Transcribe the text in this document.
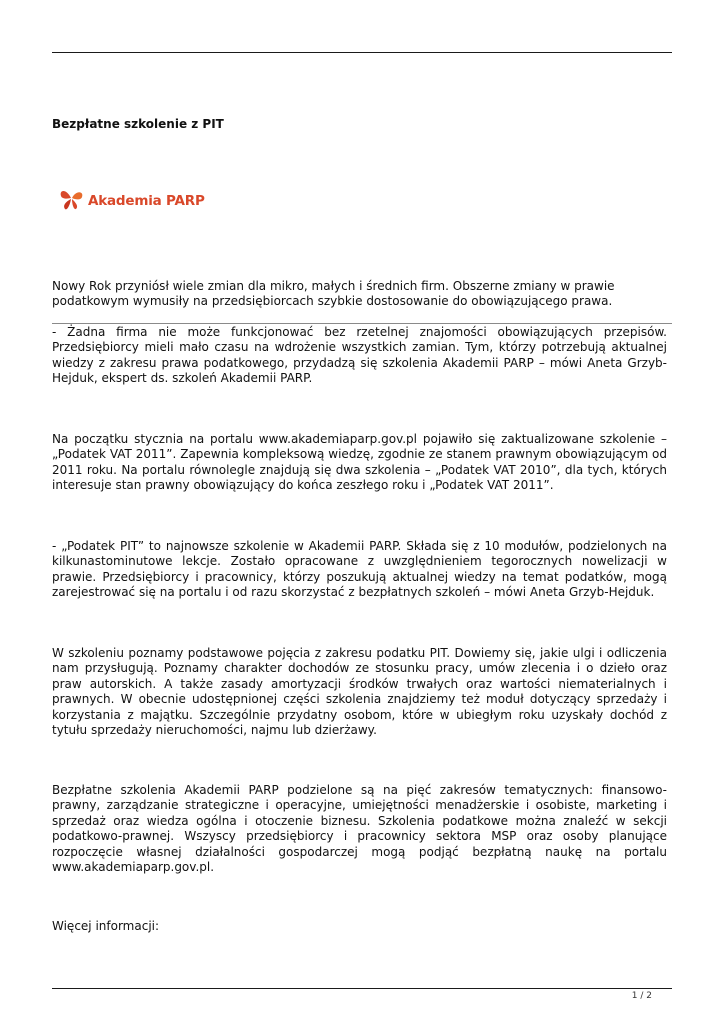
Bezpłatne szkolenie z PIT
Akademia PARP

Nowy Rok przyniósł wiele zmian dla mikro, małych i średnich firm. Obszerne zmiany w prawie podatkowym wymusiły na przedsiębiorcach szybkie dostosowanie do obowiązującego prawa.

- Żadna firma nie może funkcjonować bez rzetelnej znajomości obowiązujących przepisów. Przedsiębiorcy mieli mało czasu na wdrożenie wszystkich zamian. Tym, którzy potrzebują aktualnej wiedzy z zakresu prawa podatkowego, przydadzą się szkolenia Akademii PARP – mówi Aneta Grzyb-Hejduk, ekspert ds. szkoleń Akademii PARP.

Na początku stycznia na portalu www.akademiaparp.gov.pl pojawiło się zaktualizowane szkolenie – „Podatek VAT 2011”. Zapewnia kompleksową wiedzę, zgodnie ze stanem prawnym obowiązującym od 2011 roku. Na portalu równolegle znajdują się dwa szkolenia – „Podatek VAT 2010”, dla tych, których interesuje stan prawny obowiązujący do końca zeszłego roku i „Podatek VAT 2011”.

- „Podatek PIT” to najnowsze szkolenie w Akademii PARP. Składa się z 10 modułów, podzielonych na kilkunastominutowe lekcje. Zostało opracowane z uwzględnieniem tegorocznych nowelizacji w prawie. Przedsiębiorcy i pracownicy, którzy poszukują aktualnej wiedzy na temat podatków, mogą zarejestrować się na portalu i od razu skorzystać z bezpłatnych szkoleń – mówi Aneta Grzyb-Hejduk.

W szkoleniu poznamy podstawowe pojęcia z zakresu podatku PIT. Dowiemy się, jakie ulgi i odliczenia nam przysługują. Poznamy charakter dochodów ze stosunku pracy, umów zlecenia i o dzieło oraz praw autorskich. A także zasady amortyzacji środków trwałych oraz wartości niematerialnych i prawnych. W obecnie udostępnionej części szkolenia znajdziemy też moduł dotyczący sprzedaży i korzystania z majątku. Szczególnie przydatny osobom, które w ubiegłym roku uzyskały dochód z tytułu sprzedaży nieruchomości, najmu lub dzierżawy.

Bezpłatne szkolenia Akademii PARP podzielone są na pięć zakresów tematycznych: finansowo-prawny, zarządzanie strategiczne i operacyjne, umiejętności menadżerskie i osobiste, marketing i sprzedaż oraz wiedza ogólna i otoczenie biznesu. Szkolenia podatkowe można znaleźć w sekcji podatkowo-prawnej. Wszyscy przedsiębiorcy i pracownicy sektora MSP oraz osoby planujące rozpoczęcie własnej działalności gospodarczej mogą podjąć bezpłatną naukę na portalu www.akademiaparp.gov.pl.

Więcej informacji:

1 / 2
